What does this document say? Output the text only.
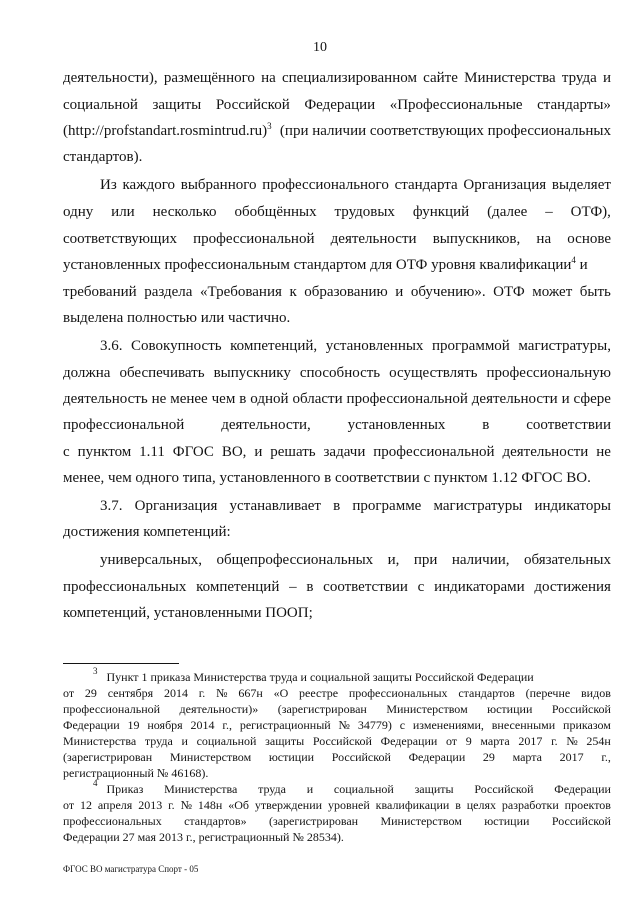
10
деятельности), размещённого на специализированном сайте Министерства труда и
социальной защиты Российской Федерации «Профессиональные стандарты»
(http://profstandart.rosmintrud.ru)$^3$ (при наличии соответствующих профессиональных
стандартов).
Из каждого выбранного профессионального стандарта Организация выделяет
одну или несколько обобщённых трудовых функций (далее – ОТФ),
соответствующих профессиональной деятельности выпускников, на основе
установленных профессиональным стандартом для ОТФ уровня квалификации$^4$ и
требований раздела «Требования к образованию и обучению». ОТФ может быть
выделена полностью или частично.
3.6. Совокупность компетенций, установленных программой магистратуры,
должна обеспечивать выпускнику способность осуществлять профессиональную
деятельность не менее чем в одной области профессиональной деятельности и сфере
профессиональной деятельности, установленных в соответствии
с пунктом 1.11 ФГОС ВО, и решать задачи профессиональной деятельности не
менее, чем одного типа, установленного в соответствии с пунктом 1.12 ФГОС ВО.
3.7. Организация устанавливает в программе магистратуры индикаторы
достижения компетенций:
универсальных, общепрофессиональных и, при наличии, обязательных
профессиональных компетенций – в соответствии с индикаторами достижения
компетенций, установленными ПООП;
3 Пункт 1 приказа Министерства труда и социальной защиты Российской Федерации
от 29 сентября 2014 г. № 667н «О реестре профессиональных стандартов (перечне видов
профессиональной деятельности)» (зарегистрирован Министерством юстиции Российской
Федерации 19 ноября 2014 г., регистрационный № 34779) с изменениями, внесенными приказом
Министерства труда и социальной защиты Российской Федерации от 9 марта 2017 г. № 254н
(зарегистрирован Министерством юстиции Российской Федерации 29 марта 2017 г.,
регистрационный № 46168).
4 Приказ Министерства труда и социальной защиты Российской Федерации
от 12 апреля 2013 г. № 148н «Об утверждении уровней квалификации в целях разработки проектов
профессиональных стандартов» (зарегистрирован Министерством юстиции Российской
Федерации 27 мая 2013 г., регистрационный № 28534).
ФГОС ВО магистратура Спорт - 05
